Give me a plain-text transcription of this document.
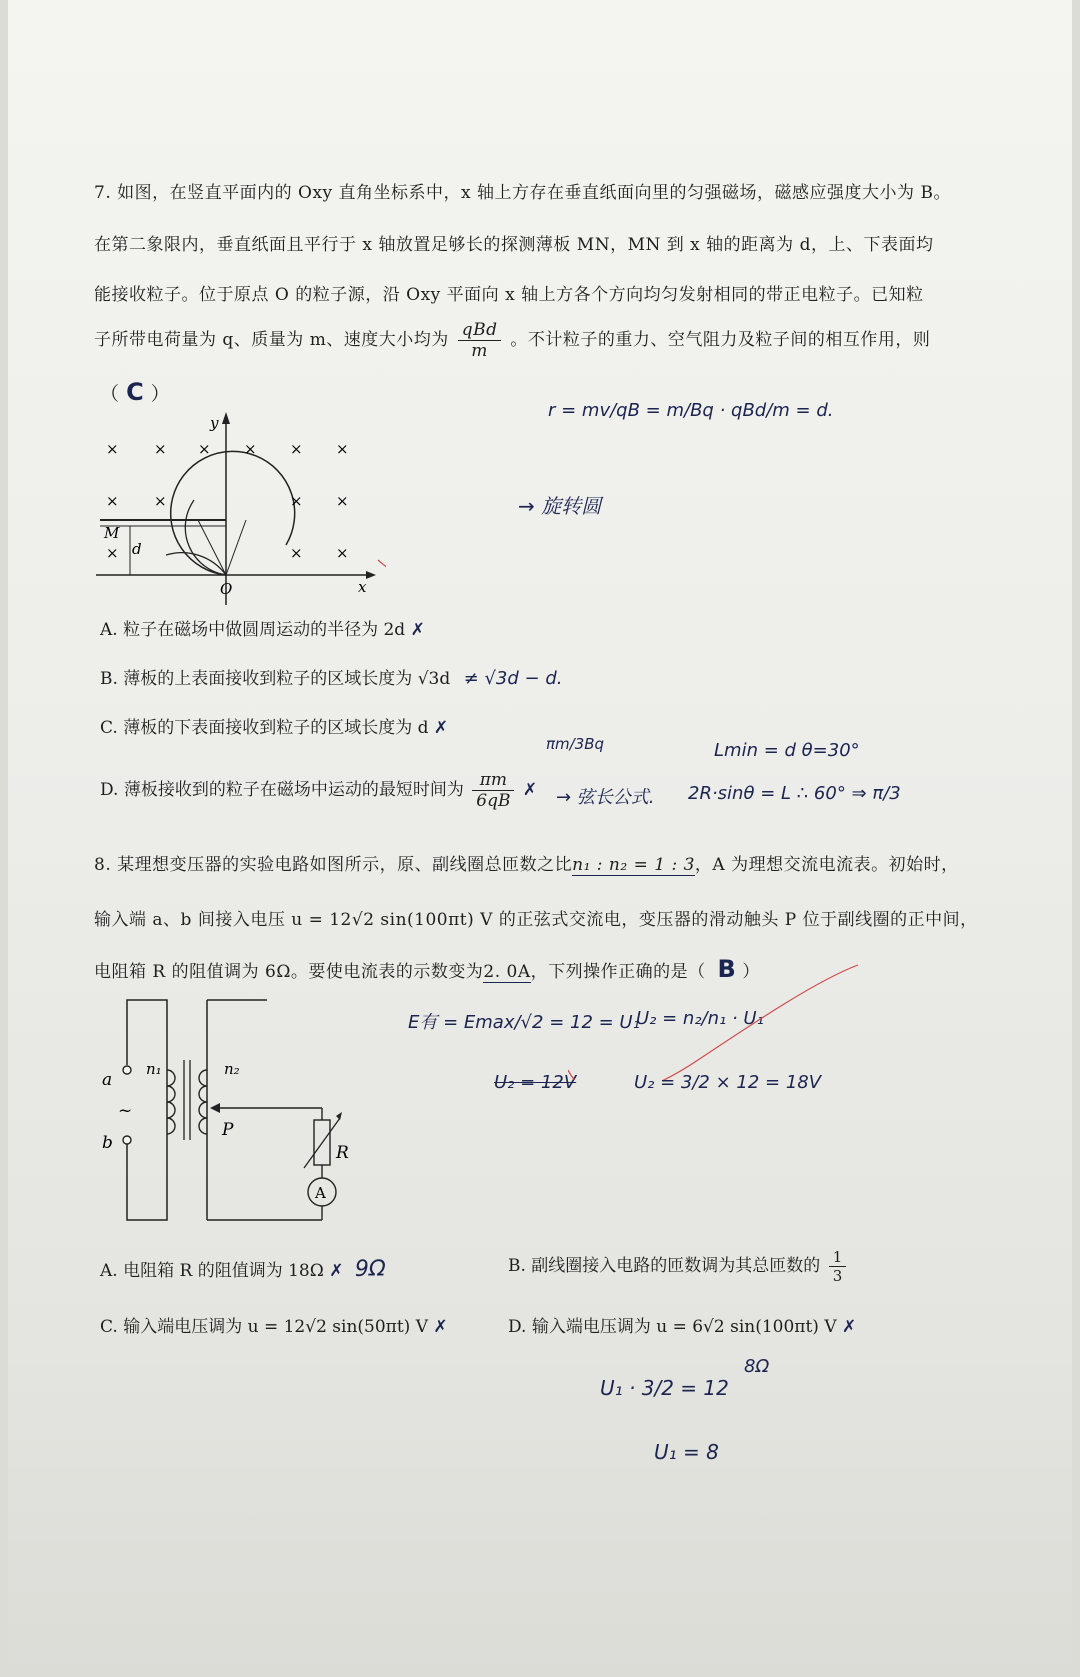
7. 如图，在竖直平面内的 Oxy 直角坐标系中，x 轴上方存在垂直纸面向里的匀强磁场，磁感应强度大小为 B。
在第二象限内，垂直纸面且平行于 x 轴放置足够长的探测薄板 MN，MN 到 x 轴的距离为 d，上、下表面均
能接收粒子。位于原点 O 的粒子源，沿 Oxy 平面向 x 轴上方各个方向均匀发射相同的带正电粒子。已知粒
子所带电荷量为 q、质量为 m、速度大小均为 $\frac{\text{qBd}}{m}$ 。不计粒子的重力、空气阻力及粒子间的相互作用，则
（ C ）
× × × × × ×
× ×	× ×
×	× ×
y
x
O
M
d
r = mv/qB = m/Bq · qBd/m = d.
→ 旋转圆
A. 粒子在磁场中做圆周运动的半径为 2d ✗
B. 薄板的上表面接收到粒子的区域长度为 √3d ≠ √3d − d.
C. 薄板的下表面接收到粒子的区域长度为 d ✗
D. 薄板接收到的粒子在磁场中运动的最短时间为 $\frac{\pi m}{6qB}$ ✗
πm/3Bq
→ 弦长公式.
Lmin = d θ=30°
2R·sinθ = L ∴ 60° ⇒ π/3
8. 某理想变压器的实验电路如图所示，原、副线圈总匝数之比n₁ : n₂ = 1 : 3，A 为理想交流电流表。初始时，
输入端 a、b 间接入电压 u = 12√2 sin(100πt) V 的正弦式交流电，变压器的滑动触头 P 位于副线圈的正中间，
电阻箱 R 的阻值调为 6Ω。要使电流表的示数变为2. 0A，下列操作正确的是（ B ）
a
b
~
n₁	n₂
P
R
A
E有 = Emax/√2 = 12 = U₁
U₂ = n₂/n₁ · U₁
U₂ = 12V	U₂ = 3/2 × 12 = 18V
A. 电阻箱 R 的阻值调为 18Ω ✗ 9Ω	B. 副线圈接入电路的匝数调为其总匝数的 $\frac{1}{3}$
C. 输入端电压调为 u = 12√2 sin(50πt) V ✗	D. 输入端电压调为 u = 6√2 sin(100πt) V ✗
8Ω
U₁ · 3/2 = 12
U₁ = 8
